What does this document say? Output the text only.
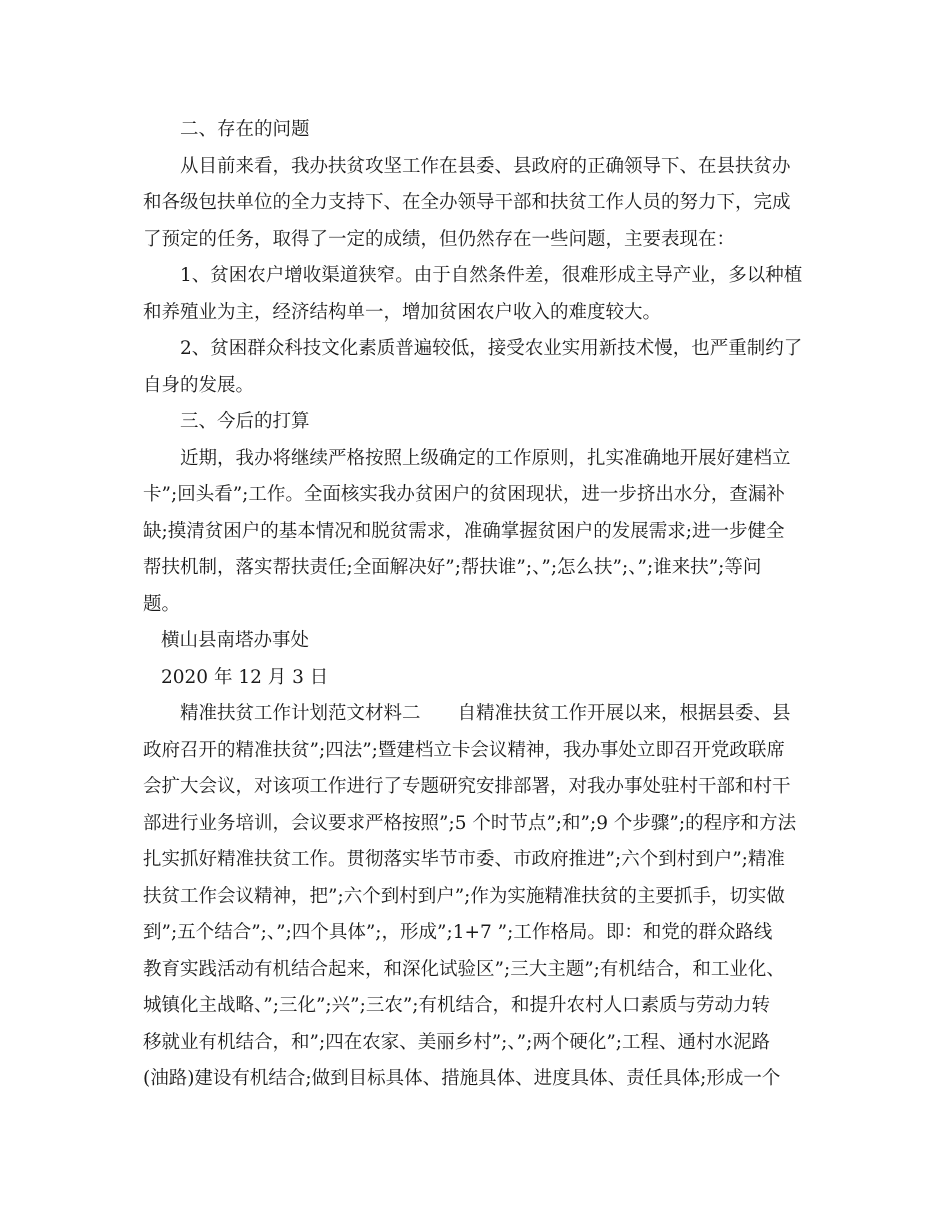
二、存在的问题
从目前来看，我办扶贫攻坚工作在县委、县政府的正确领导下、在县扶贫办
和各级包扶单位的全力支持下、在全办领导干部和扶贫工作人员的努力下，完成
了预定的任务，取得了一定的成绩，但仍然存在一些问题，主要表现在：
1、贫困农户增收渠道狭窄。由于自然条件差，很难形成主导产业，多以种植
和养殖业为主，经济结构单一，增加贫困农户收入的难度较大。
2、贫困群众科技文化素质普遍较低，接受农业实用新技术慢，也严重制约了
自身的发展。
三、今后的打算
近期，我办将继续严格按照上级确定的工作原则，扎实准确地开展好建档立
卡”;回头看”;工作。全面核实我办贫困户的贫困现状，进一步挤出水分，查漏补
缺;摸清贫困户的基本情况和脱贫需求，准确掌握贫困户的发展需求;进一步健全
帮扶机制，落实帮扶责任;全面解决好”;帮扶谁”;、”;怎么扶”;、”;谁来扶”;等问
题。
横山县南塔办事处
2020 年 12 月 3 日
精准扶贫工作计划范文材料二　　自精准扶贫工作开展以来，根据县委、县
政府召开的精准扶贫”;四法”;暨建档立卡会议精神，我办事处立即召开党政联席
会扩大会议，对该项工作进行了专题研究安排部署，对我办事处驻村干部和村干
部进行业务培训，会议要求严格按照”;5 个时节点”;和”;9 个步骤”;的程序和方法
扎实抓好精准扶贫工作。贯彻落实毕节市委、市政府推进”;六个到村到户”;精准
扶贫工作会议精神，把”;六个到村到户”;作为实施精准扶贫的主要抓手，切实做
到”;五个结合”;、”;四个具体”;，形成”;1+7 ”;工作格局。即：和党的群众路线
教育实践活动有机结合起来，和深化试验区”;三大主题”;有机结合，和工业化、
城镇化主战略、”;三化”;兴”;三农”;有机结合，和提升农村人口素质与劳动力转
移就业有机结合，和”;四在农家、美丽乡村”;、”;两个硬化”;工程、通村水泥路
(油路)建设有机结合;做到目标具体、措施具体、进度具体、责任具体;形成一个
